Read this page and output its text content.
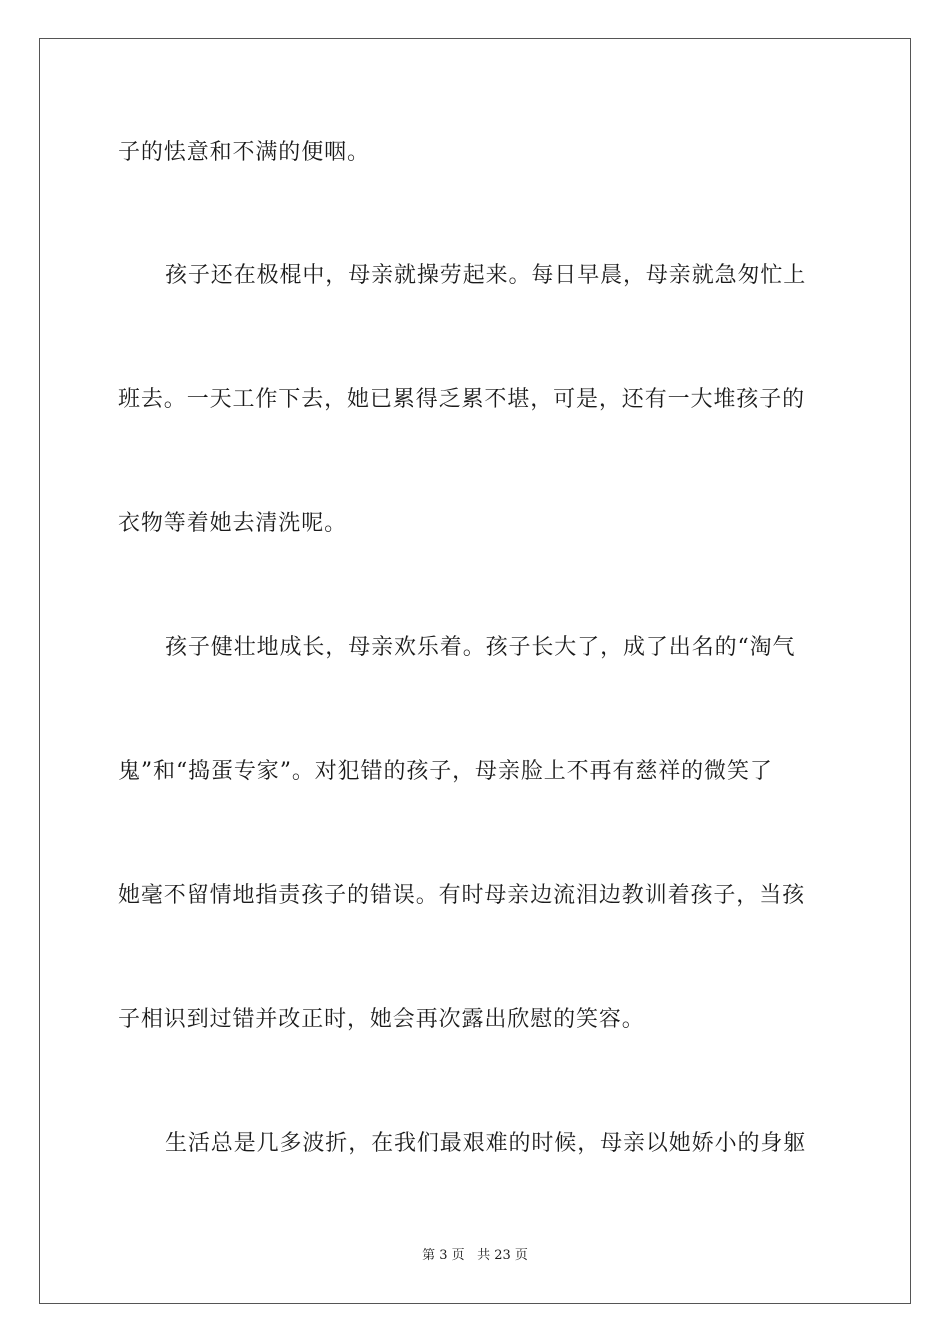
子的怯意和不满的便咽。
孩子还在极棍中，母亲就操劳起来。每日早晨，母亲就急匆忙上
班去。一天工作下去，她已累得乏累不堪，可是，还有一大堆孩子的
衣物等着她去清洗呢。
孩子健壮地成长，母亲欢乐着。孩子长大了，成了出名的“淘气
鬼”和“捣蛋专家”。对犯错的孩子，母亲脸上不再有慈祥的微笑了
她毫不留情地指责孩子的错误。有时母亲边流泪边教训着孩子，当孩
子相识到过错并改正时，她会再次露出欣慰的笑容。
生活总是几多波折，在我们最艰难的时候，母亲以她娇小的身躯
第 3 页 共 23 页
